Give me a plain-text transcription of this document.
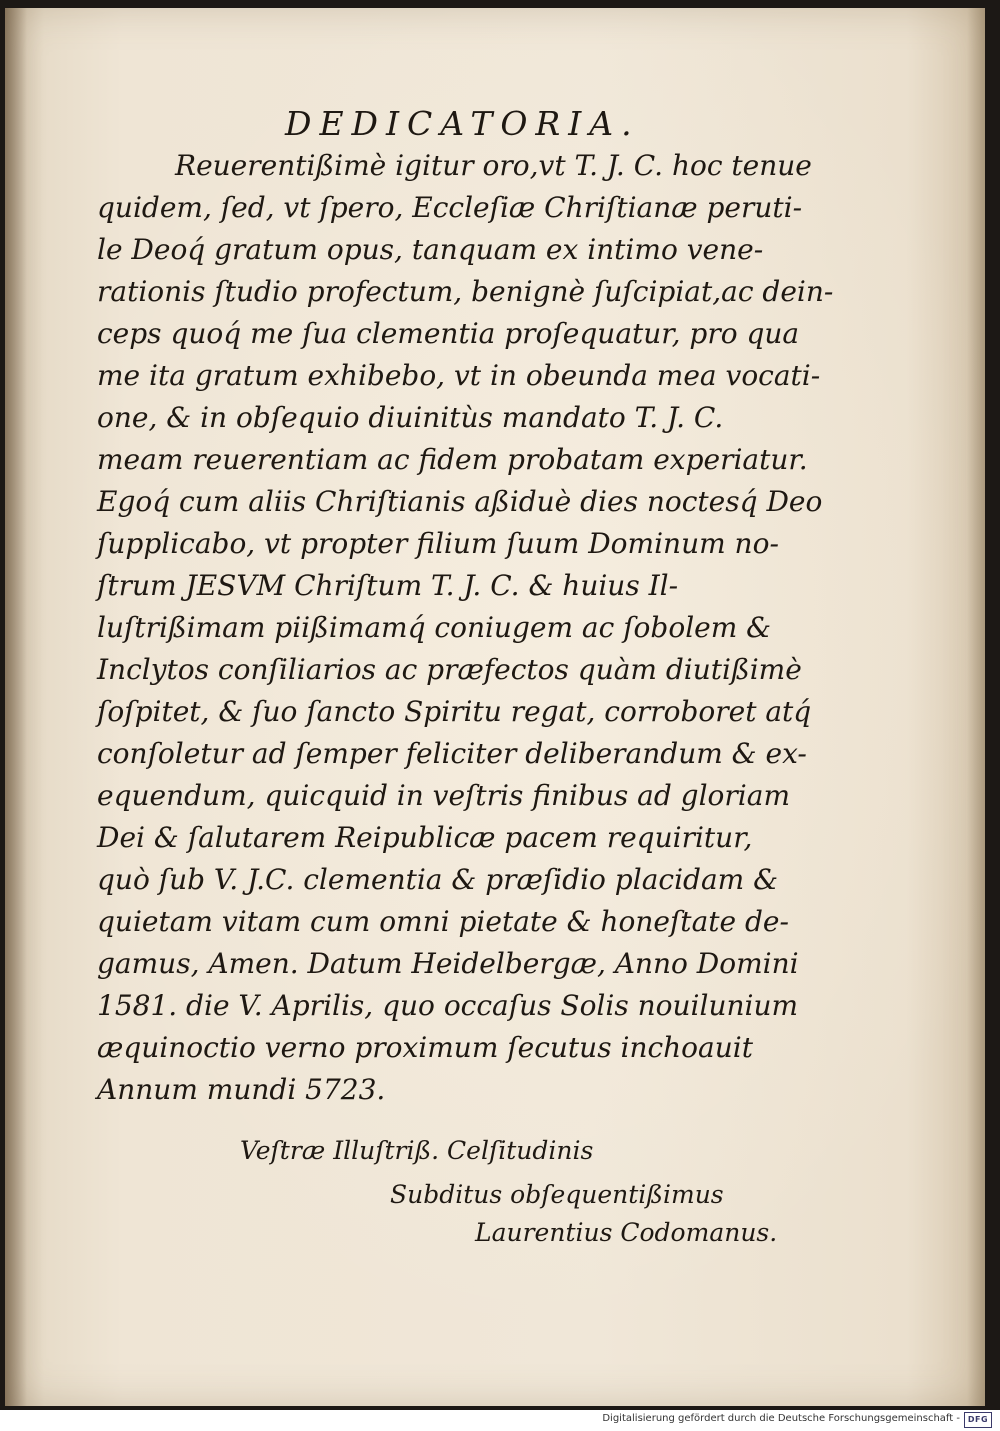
DEDICATORIA.
Reuerentißimè igitur oro,vt T. J. C. hoc tenue
quidem, ſed, vt ſpero, Eccleſiæ Chriſtianæ peruti-
le Deoq́ gratum opus, tanquam ex intimo vene-
rationis ſtudio profectum, benignè ſuſcipiat,ac dein-
ceps quoq́ me ſua clementia proſequatur, pro qua
me ita gratum exhibebo, vt in obeunda mea vocati-
one, & in obſequio diuinitùs mandato T. J. C.
meam reuerentiam ac fidem probatam experiatur.
Egoq́ cum aliis Chriſtianis aßiduè dies noctesq́ Deo
ſupplicabo, vt propter filium ſuum Dominum no-
ſtrum JESVM Chriſtum T. J. C. & huius Il-
luſtrißimam piißimamq́ coniugem ac ſobolem &
Inclytos conſiliarios ac præfectos quàm diutißimè
ſoſpitet, & ſuo ſancto Spiritu regat, corroboret atq́
conſoletur ad ſemper feliciter deliberandum & ex-
equendum, quicquid in veſtris finibus ad gloriam
Dei & ſalutarem Reipublicæ pacem requiritur,
quò ſub V. J.C. clementia & præſidio placidam &
quietam vitam cum omni pietate & honeſtate de-
gamus, Amen. Datum Heidelbergæ, Anno Domini
1581. die V. Aprilis, quo occaſus Solis nouilunium
æquinoctio verno proximum ſecutus inchoauit
Annum mundi 5723.
Veſtræ Illuſtriß. Celſitudinis
Subditus obſequentißimus
Laurentius Codomanus.
Digitalisierung gefördert durch die Deutsche Forschungsgemeinschaft - DFG
